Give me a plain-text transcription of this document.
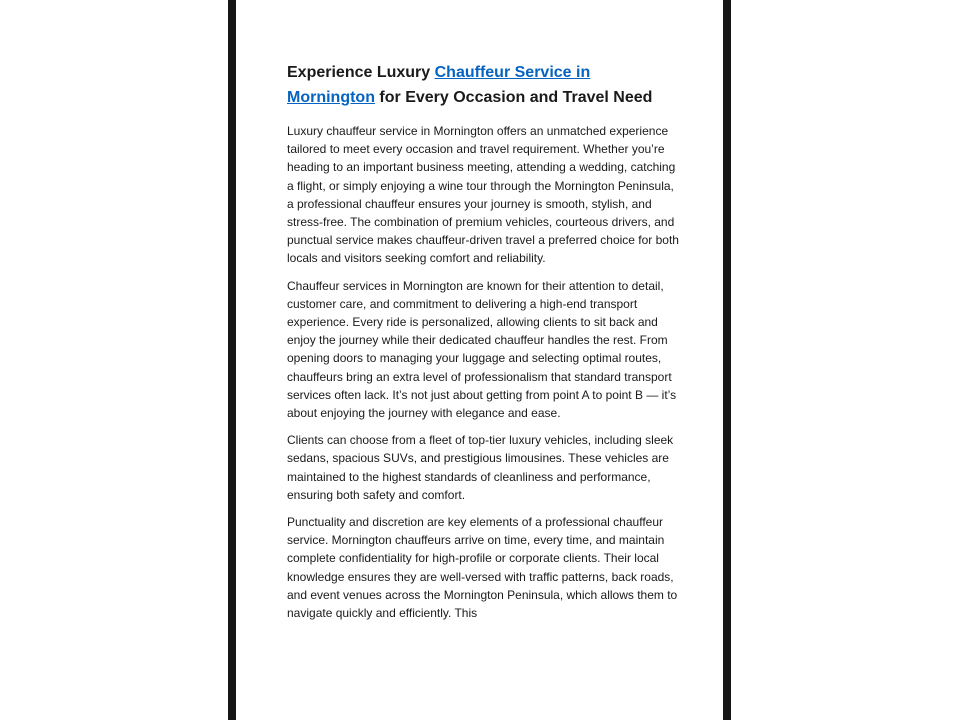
Experience Luxury Chauffeur Service in
Mornington for Every Occasion and Travel Need

Luxury chauffeur service in Mornington offers an unmatched experience tailored to meet every occasion and travel requirement. Whether you’re heading to an important business meeting, attending a wedding, catching a flight, or simply enjoying a wine tour through the Mornington Peninsula, a professional chauffeur ensures your journey is smooth, stylish, and stress-free. The combination of premium vehicles, courteous drivers, and punctual service makes chauffeur-driven travel a preferred choice for both locals and visitors seeking comfort and reliability.

Chauffeur services in Mornington are known for their attention to detail, customer care, and commitment to delivering a high-end transport experience. Every ride is personalized, allowing clients to sit back and enjoy the journey while their dedicated chauffeur handles the rest. From opening doors to managing your luggage and selecting optimal routes, chauffeurs bring an extra level of professionalism that standard transport services often lack. It’s not just about getting from point A to point B — it’s about enjoying the journey with elegance and ease.

Clients can choose from a fleet of top-tier luxury vehicles, including sleek sedans, spacious SUVs, and prestigious limousines. These vehicles are maintained to the highest standards of cleanliness and performance, ensuring both safety and comfort.

Punctuality and discretion are key elements of a professional chauffeur service. Mornington chauffeurs arrive on time, every time, and maintain complete confidentiality for high-profile or corporate clients. Their local knowledge ensures they are well-versed with traffic patterns, back roads, and event venues across the Mornington Peninsula, which allows them to navigate quickly and efficiently. This
